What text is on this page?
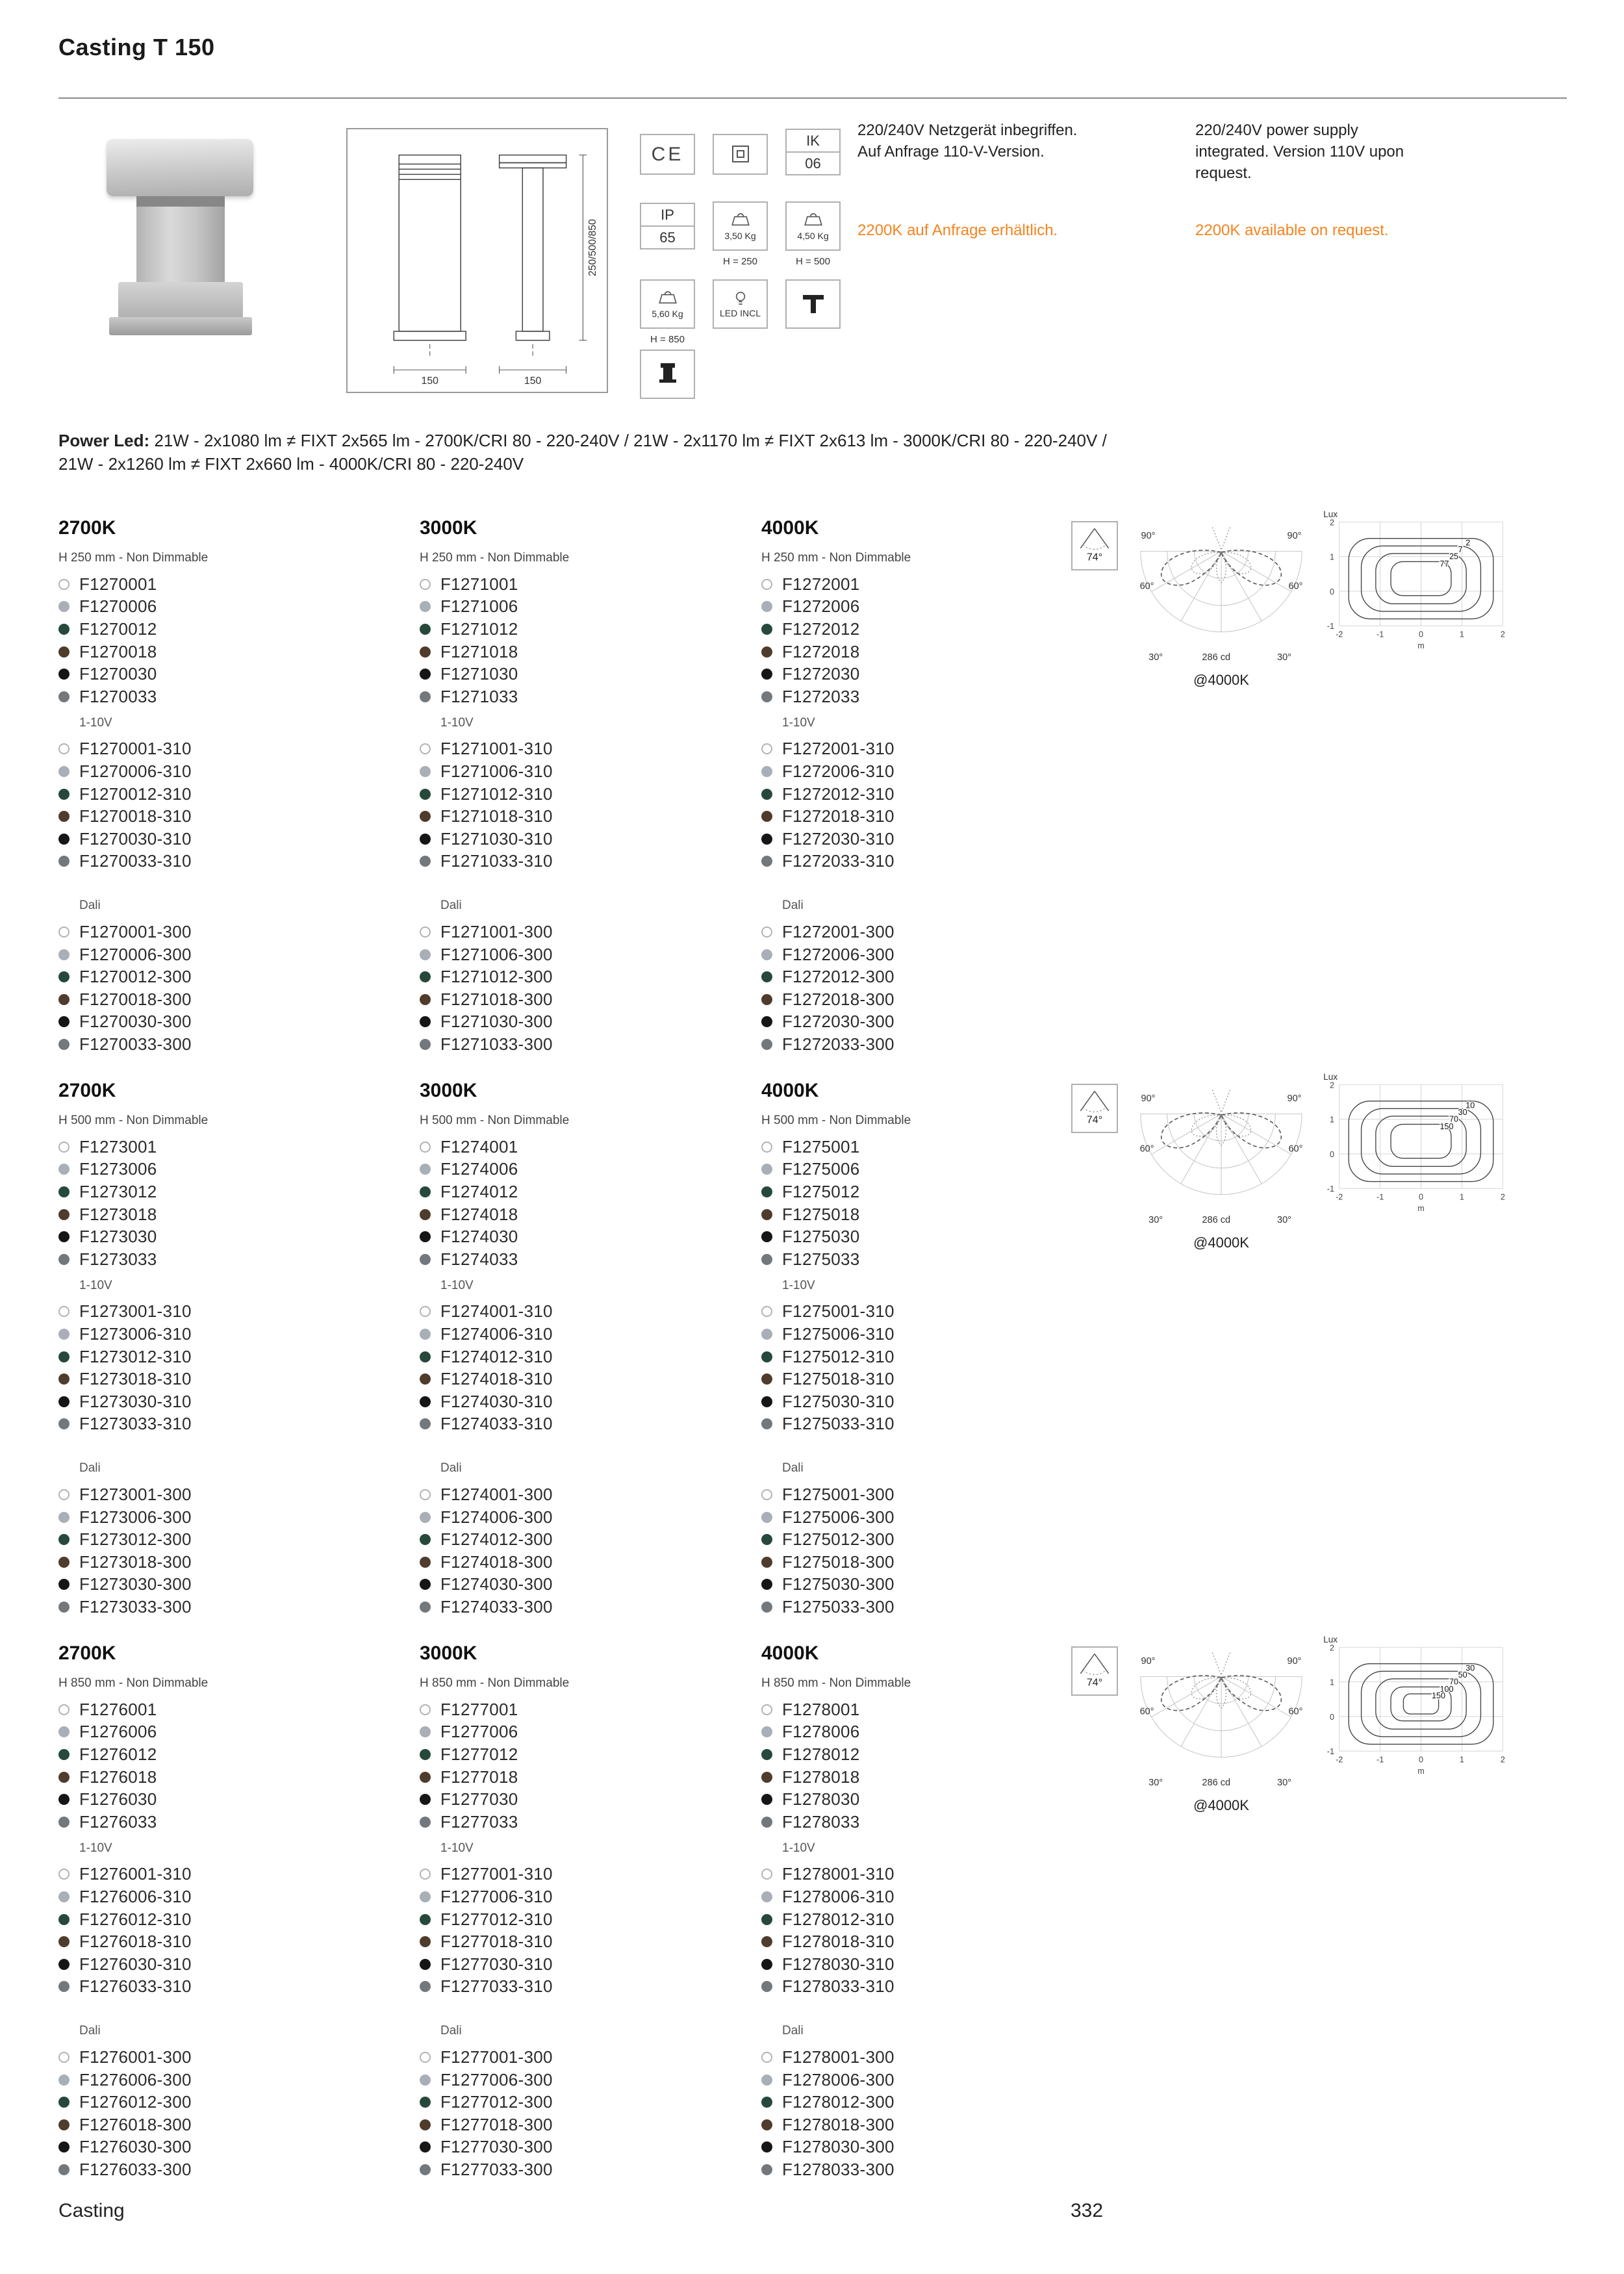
Casting T 150
150	150
250/500/850
CE
IK
06
IP
65	3,50 Kg
H = 250
4,50 Kg
H = 500
5,60 Kg
H = 850
LED INCL
220/240V Netzgerät inbegriffen.
Auf Anfrage 110-V-Version.
220/240V power supply
integrated. Version 110V upon
request.
2200K auf Anfrage erhältlich.	2200K available on request.

Power Led: 21W - 2x1080 lm ≠ FIXT 2x565 lm - 2700K/CRI 80 - 220-240V / 21W - 2x1170 lm ≠ FIXT 2x613 lm - 3000K/CRI 80 - 220-240V /
21W - 2x1260 lm ≠ FIXT 2x660 lm - 4000K/CRI 80 - 220-240V

2700K
H 250 mm - Non Dimmable
F1270001
F1270006
F1270012
F1270018
F1270030
F1270033
1-10V
F1270001-310
F1270006-310
F1270012-310
F1270018-310
F1270030-310
F1270033-310
Dali
F1270001-300
F1270006-300
F1270012-300
F1270018-300
F1270030-300
F1270033-300
3000K
H 250 mm - Non Dimmable
F1271001
F1271006
F1271012
F1271018
F1271030
F1271033
1-10V
F1271001-310
F1271006-310
F1271012-310
F1271018-310
F1271030-310
F1271033-310
Dali
F1271001-300
F1271006-300
F1271012-300
F1271018-300
F1271030-300
F1271033-300
4000K
H 250 mm - Non Dimmable
F1272001
F1272006
F1272012
F1272018
F1272030
F1272033
1-10V
F1272001-310
F1272006-310
F1272012-310
F1272018-310
F1272030-310
F1272033-310
Dali
F1272001-300
F1272006-300
F1272012-300
F1272018-300
F1272030-300
F1272033-300
74°
90°	90°
60°	60°
30°	286 cd	30°
@4000K
Lux
2
1
0
-1
-2	-1	0	1	2
m
2
7
25
77
2700K
H 500 mm - Non Dimmable
F1273001
F1273006
F1273012
F1273018
F1273030
F1273033
1-10V
F1273001-310
F1273006-310
F1273012-310
F1273018-310
F1273030-310
F1273033-310
Dali
F1273001-300
F1273006-300
F1273012-300
F1273018-300
F1273030-300
F1273033-300
3000K
H 500 mm - Non Dimmable
F1274001
F1274006
F1274012
F1274018
F1274030
F1274033
1-10V
F1274001-310
F1274006-310
F1274012-310
F1274018-310
F1274030-310
F1274033-310
Dali
F1274001-300
F1274006-300
F1274012-300
F1274018-300
F1274030-300
F1274033-300
4000K
H 500 mm - Non Dimmable
F1275001
F1275006
F1275012
F1275018
F1275030
F1275033
1-10V
F1275001-310
F1275006-310
F1275012-310
F1275018-310
F1275030-310
F1275033-310
Dali
F1275001-300
F1275006-300
F1275012-300
F1275018-300
F1275030-300
F1275033-300
74°
90°	90°
60°	60°
30°	286 cd	30°
@4000K
Lux
2
1
0
-1
-2	-1	0	1	2
m
10
30
70
150
2700K
H 850 mm - Non Dimmable
F1276001
F1276006
F1276012
F1276018
F1276030
F1276033
1-10V
F1276001-310
F1276006-310
F1276012-310
F1276018-310
F1276030-310
F1276033-310
Dali
F1276001-300
F1276006-300
F1276012-300
F1276018-300
F1276030-300
F1276033-300
3000K
H 850 mm - Non Dimmable
F1277001
F1277006
F1277012
F1277018
F1277030
F1277033
1-10V
F1277001-310
F1277006-310
F1277012-310
F1277018-310
F1277030-310
F1277033-310
Dali
F1277001-300
F1277006-300
F1277012-300
F1277018-300
F1277030-300
F1277033-300
4000K
H 850 mm - Non Dimmable
F1278001
F1278006
F1278012
F1278018
F1278030
F1278033
1-10V
F1278001-310
F1278006-310
F1278012-310
F1278018-310
F1278030-310
F1278033-310
Dali
F1278001-300
F1278006-300
F1278012-300
F1278018-300
F1278030-300
F1278033-300
74°
90°	90°
60°	60°
30°	286 cd	30°
@4000K
Lux
2
1
0
-1
-2	-1	0	1	2
m
30
50
70
100
150
Casting	332
